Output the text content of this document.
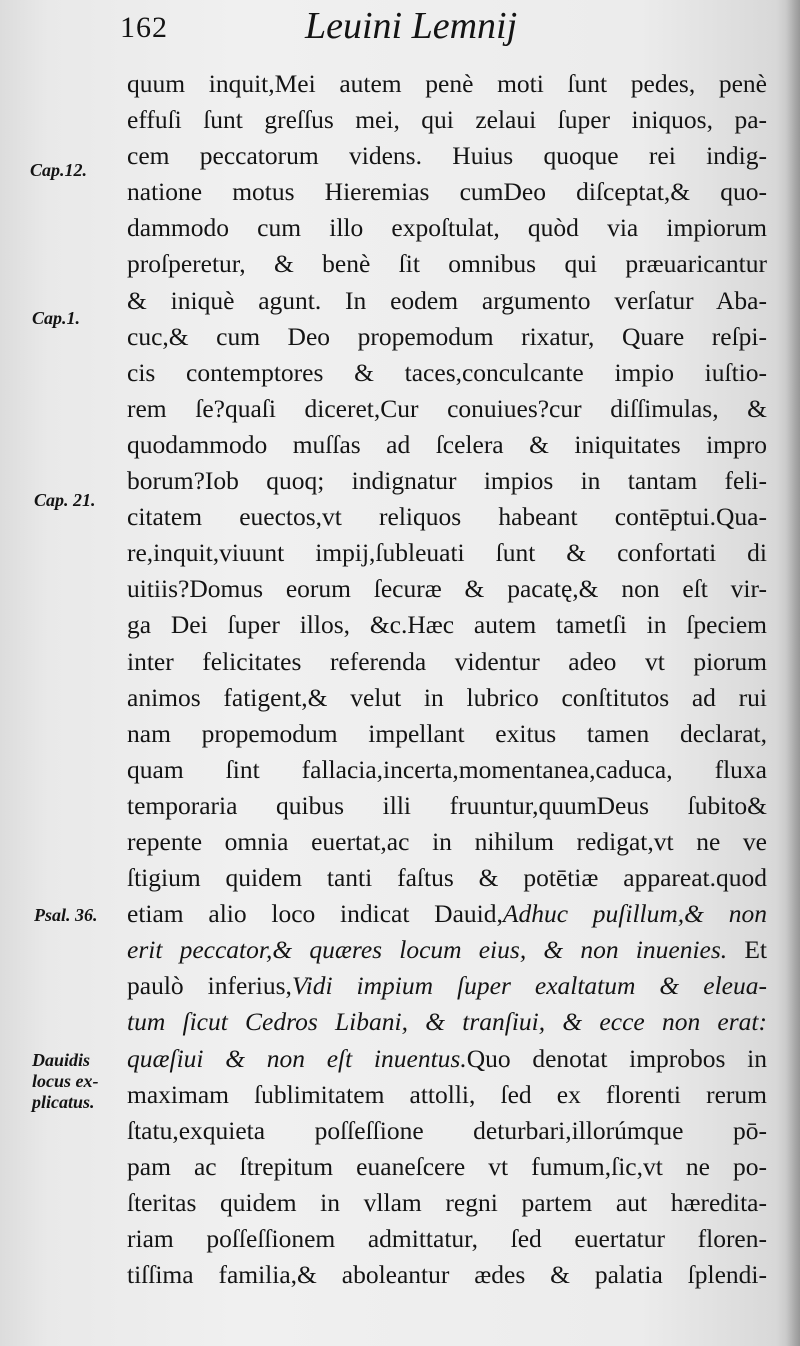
162	Leuini Lemnij
Cap.12.
Cap.1.
Cap. 21.
Psal. 36.
Dauidis
locus ex-
plicatus.
quum inquit,Mei autem penè moti ſunt pedes, penè
effuſi ſunt greſſus mei, qui zelaui ſuper iniquos, pa-
cem peccatorum videns. Huius quoque rei indig-
natione motus Hieremias cumDeo diſceptat,& quo-
dammodo cum illo expoſtulat, quòd via impiorum
proſperetur, & benè ſit omnibus qui præuaricantur
& iniquè agunt. In eodem argumento verſatur Aba-
cuc,& cum Deo propemodum rixatur, Quare reſpi-
cis contemptores & taces,conculcante impio iuſtio-
rem ſe?quaſi diceret,Cur conuiues?cur diſſimulas, &
quodammodo muſſas ad ſcelera & iniquitates impro
borum?Iob quoq; indignatur impios in tantam feli-
citatem euectos,vt reliquos habeant contēptui.Qua-
re,inquit,viuunt impij,ſubleuati ſunt & confortati di
uitiis?Domus eorum ſecuræ & pacatę,& non eſt vir-
ga Dei ſuper illos, &c.Hæc autem tametſi in ſpeciem
inter felicitates referenda videntur adeo vt piorum
animos fatigent,& velut in lubrico conſtitutos ad rui
nam propemodum impellant exitus tamen declarat,
quam ſint fallacia,incerta,momentanea,caduca, fluxa
temporaria quibus illi fruuntur,quumDeus ſubito&
repente omnia euertat,ac in nihilum redigat,vt ne ve
ſtigium quidem tanti faſtus & potētiæ appareat.quod
etiam alio loco indicat Dauid,Adhuc puſillum,& non
erit peccator,& quæres locum eius, & non inuenies. Et
paulò inferius,Vidi impium ſuper exaltatum & eleua-
tum ſicut Cedros Libani, & tranſiui, & ecce non erat:
quæſiui & non eſt inuentus.Quo denotat improbos in
maximam ſublimitatem attolli, ſed ex florenti rerum
ſtatu,exquieta poſſeſſione deturbari,illorúmque pō-
pam ac ſtrepitum euaneſcere vt fumum,ſic,vt ne po-
ſteritas quidem in vllam regni partem aut hæredita-
riam poſſeſſionem admittatur, ſed euertatur floren-
tiſſima familia,& aboleantur ædes & palatia ſplendi-
